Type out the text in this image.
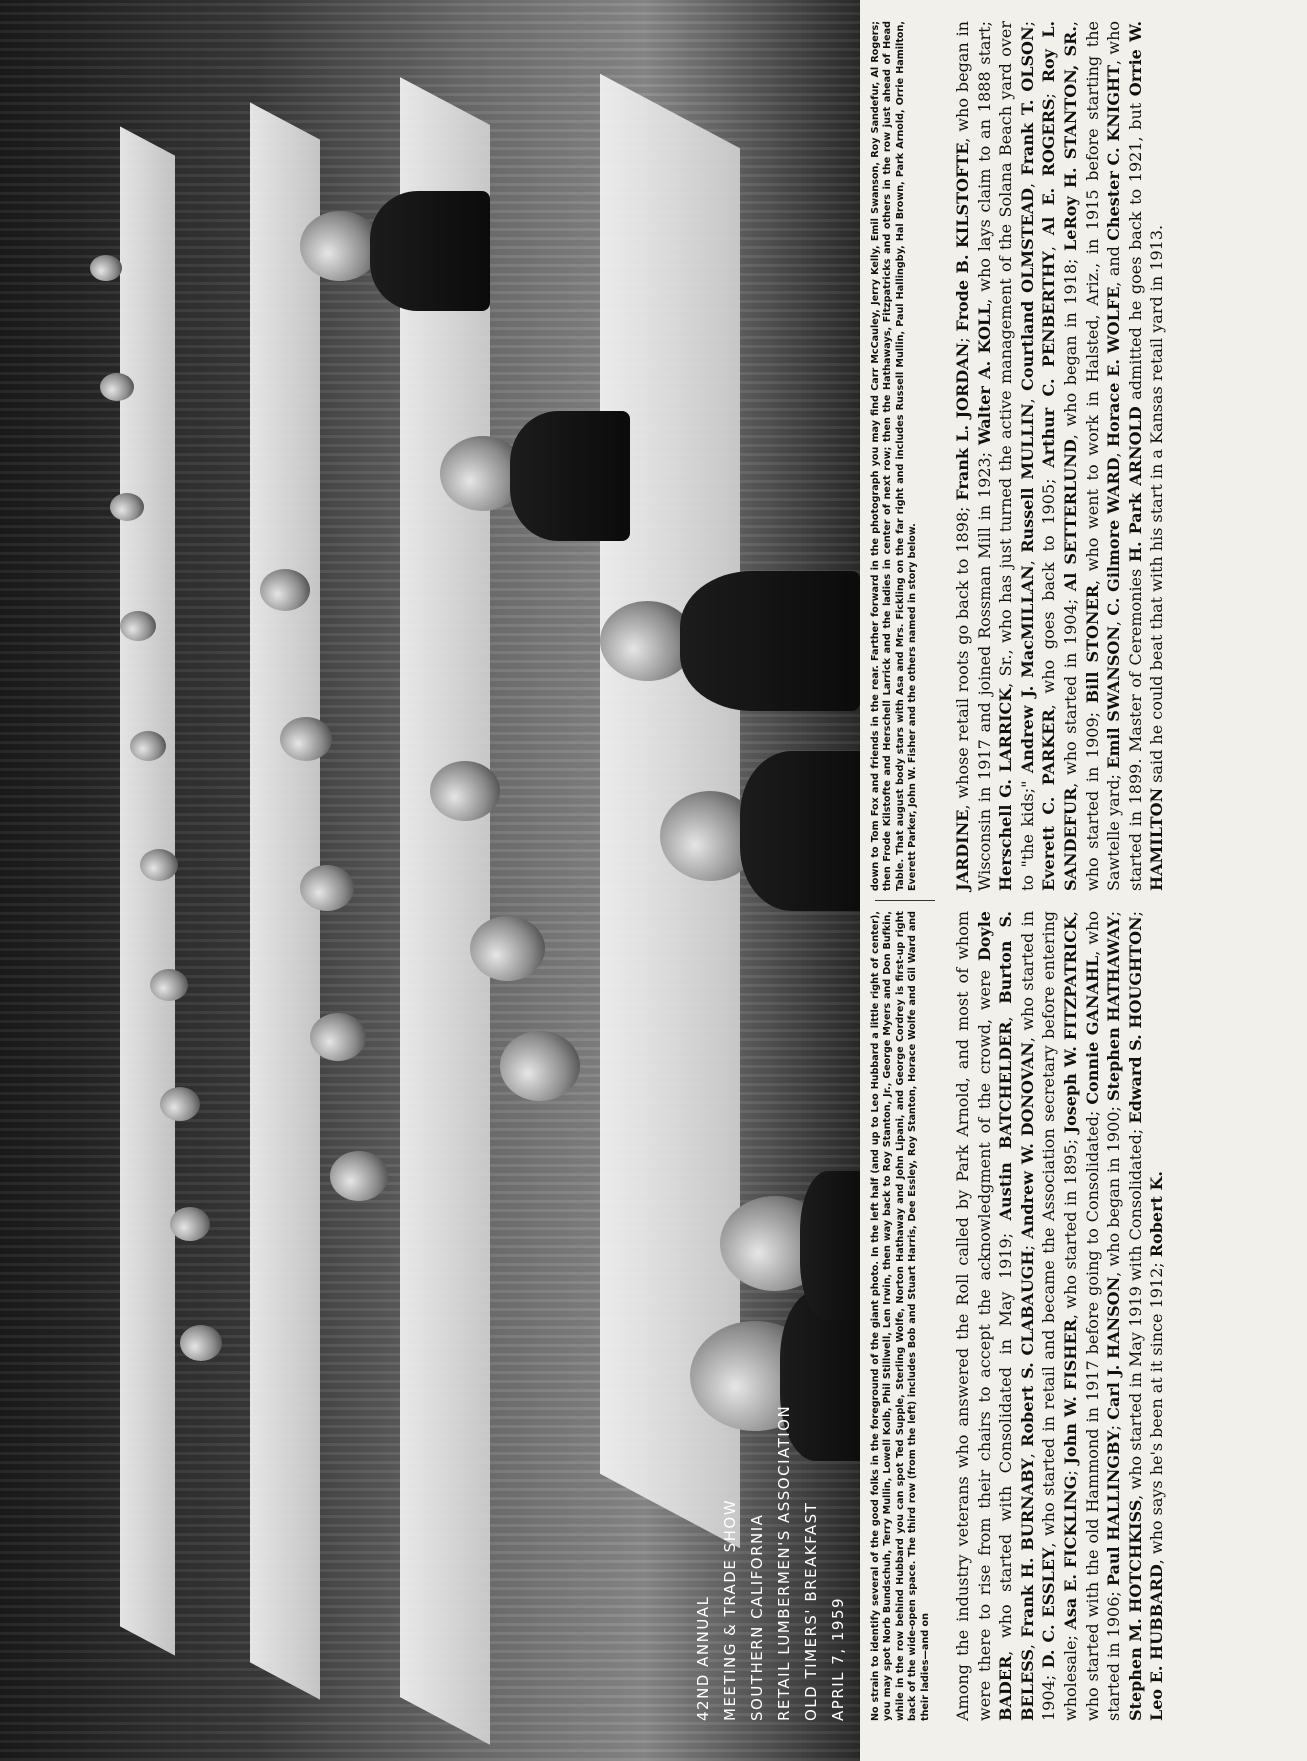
42ND ANNUAL MEETING & TRADE SHOW SOUTHERN CALIFORNIA RETAIL LUMBERMEN'S ASSOCIATION OLD TIMERS' BREAKFAST APRIL 7, 1959	No strain to identify several of the good folks in the foreground of the giant photo. In the left half (and up to Leo Hubbard a little right of center), you may spot Norb Bundschuh, Terry Mullin, Lowell Kolb, Phil Stillwell, Len Irwin, then way back to Roy Stanton, Jr., George Myers and Don Bufkin, while in the row behind Hubbard you can spot Ted Supple, Sterling Wolfe, Norton Hathaway and John Lipani, and George Cordrey is first-up right back of the wide-open space. The third row (from the left) includes Bob and Stuart Harris, Dee Essley, Roy Stanton, Horace Wolfe and Gil Ward and their ladies—and on
down to Tom Fox and friends in the rear. Farther forward in the photograph you may find Carr McCauley, Jerry Kelly, Emil Swanson, Roy Sandefur, Al Rogers; then Frode Kilstofte and Herschell Larrick and the ladies in center of next row; then the Hathaways, Fitzpatricks and others in the row just ahead of Head Table. That august body stars with Asa and Mrs. Fickling on the far right and includes Russell Mullin, Paul Hallingby, Hal Brown, Park Arnold, Orrie Hamilton, Everett Parker, John W. Fisher and the others named in story below.
Among the industry veterans who answered the Roll called by Park Arnold, and most of whom were there to rise from their chairs to accept the acknowledgment of the crowd, were Doyle BADER, who started with Consolidated in May 1919; Austin BATCHELDER, Burton S. BELESS, Frank H. BURNABY, Robert S. CLABAUGH; Andrew W. DONOVAN, who started in 1904; D. C. ESSLEY, who started in retail and became the Association secretary before entering wholesale; Asa E. FICKLING; John W. FISHER, who started in 1895; Joseph W. FITZPATRICK, who started with the old Hammond in 1917 before going to Consolidated; Connie GANAHL, who started in 1906; Paul HALLINGBY; Carl J. HANSON, who began in 1900; Stephen HATHAWAY; Stephen M. HOTCHKISS, who started in May 1919 with Consolidated; Edward S. HOUGHTON; Leo E. HUBBARD, who says he's been at it since 1912; Robert K.
JARDINE, whose retail roots go back to 1898; Frank L. JORDAN; Frode B. KILSTOFTE, who began in Wisconsin in 1917 and joined Rossman Mill in 1923; Walter A. KOLL, who lays claim to an 1888 start; Herschell G. LARRICK, Sr., who has just turned the active management of the Solana Beach yard over to "the kids;" Andrew J. MacMILLAN, Russell MULLIN, Courtland OLMSTEAD, Frank T. OLSON; Everett C. PARKER, who goes back to 1905; Arthur C. PENBERTHY, Al E. ROGERS; Roy L. SANDEFUR, who started in 1904; Al SETTERLUND, who began in 1918; LeRoy H. STANTON, SR., who started in 1909; Bill STONER, who went to work in Halsted, Ariz., in 1915 before starting the Sawtelle yard; Emil SWANSON, C. Gilmore WARD, Horace E. WOLFE, and Chester C. KNIGHT, who started in 1899. Master of Ceremonies H. Park ARNOLD admitted he goes back to 1921, but Orrie W. HAMILTON said he could beat that with his start in a Kansas retail yard in 1913.
